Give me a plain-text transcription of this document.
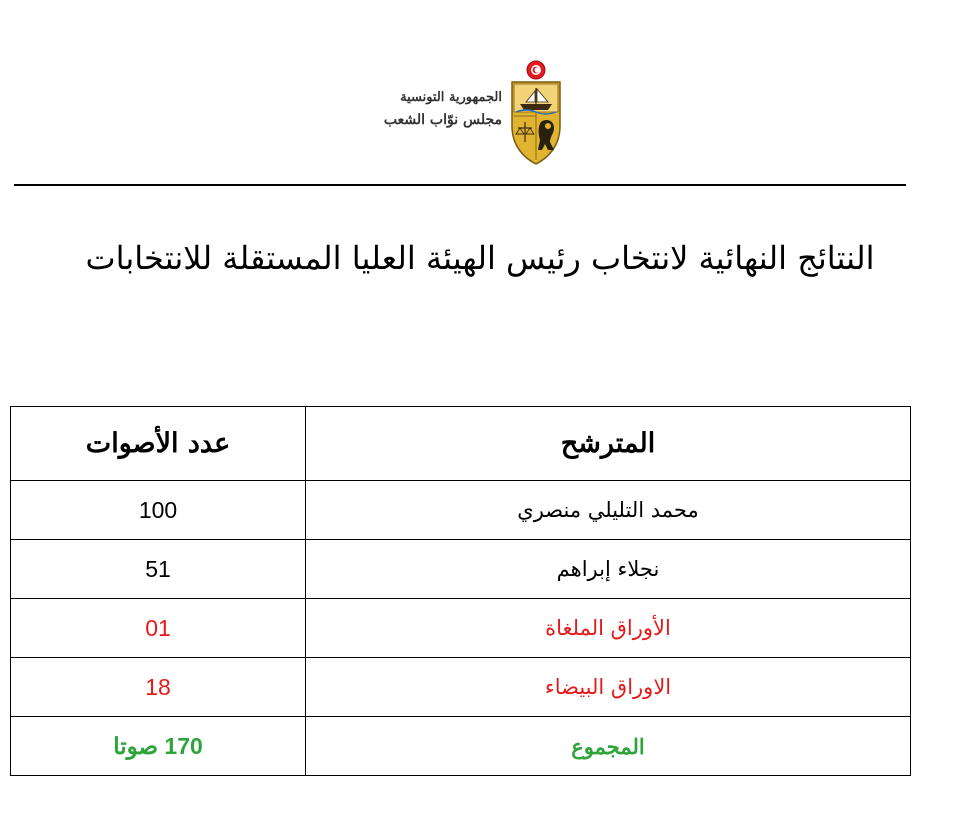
الجمهورية التونسية
مجلس نوّاب الشعب
النتائج النهائية لانتخاب رئيس الهيئة العليا المستقلة للانتخابات
المترشح	عدد الأصوات
محمد التليلي منصري	100
نجلاء إبراهم	51
الأوراق الملغاة	01
الاوراق البيضاء	18
المجموع	170 صوتا
